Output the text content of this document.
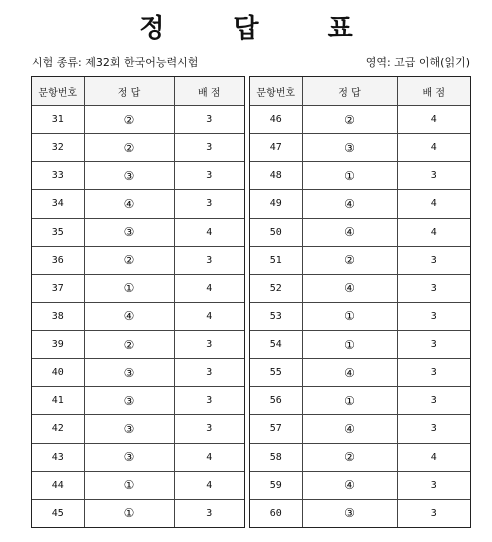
정 답 표
시험 종류: 제32회 한국어능력시험	영역: 고급 이해(읽기)
문항번호	정 답	배 점
31	②	3
32	②	3
33	③	3
34	④	3
35	③	4
36	②	3
37	①	4
38	④	4
39	②	3
40	③	3
41	③	3
42	③	3
43	③	4
44	①	4
45	①	3
문항번호	정 답	배 점
46	②	4
47	③	4
48	①	3
49	④	4
50	④	4
51	②	3
52	④	3
53	①	3
54	①	3
55	④	3
56	①	3
57	④	3
58	②	4
59	④	3
60	③	3
